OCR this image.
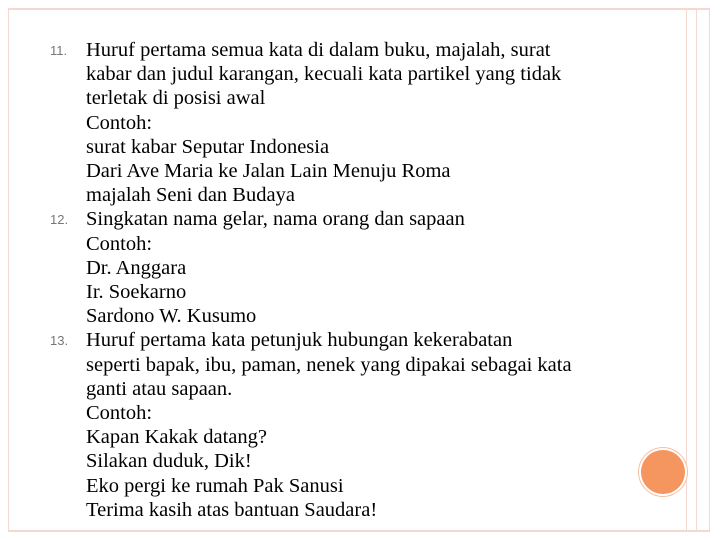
11. Huruf pertama semua kata di dalam buku, majalah, surat
kabar dan judul karangan, kecuali kata partikel yang tidak
terletak di posisi awal
Contoh:
surat kabar Seputar Indonesia
Dari Ave Maria ke Jalan Lain Menuju Roma
majalah Seni dan Budaya
12. Singkatan nama gelar, nama orang dan sapaan
Contoh:
Dr. Anggara
Ir. Soekarno
Sardono W. Kusumo
13. Huruf pertama kata petunjuk hubungan kekerabatan
seperti bapak, ibu, paman, nenek yang dipakai sebagai kata
ganti atau sapaan.
Contoh:
Kapan Kakak datang?
Silakan duduk, Dik!
Eko pergi ke rumah Pak Sanusi
Terima kasih atas bantuan Saudara!
